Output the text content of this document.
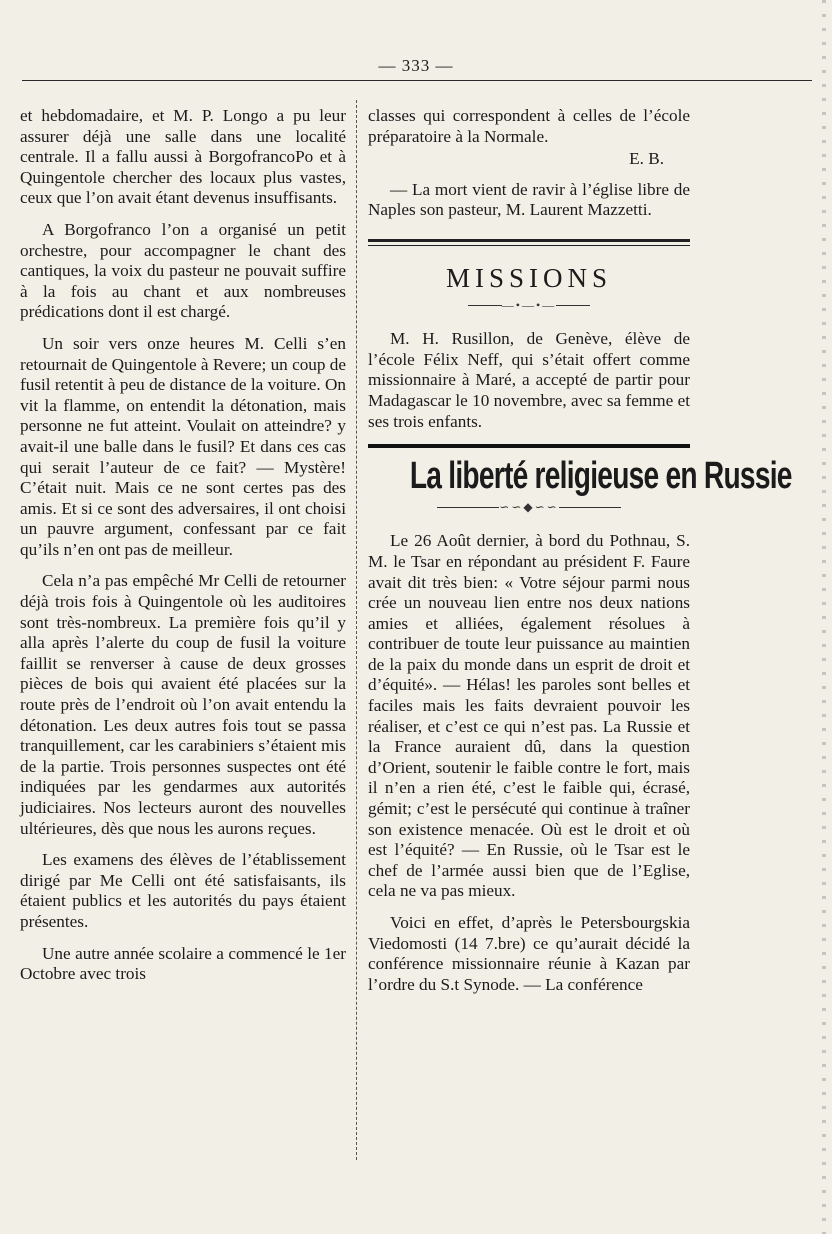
— 333 —

et hebdomadaire, et M. P. Longo a pu leur assurer déjà une salle dans une localité centrale. Il a fallu aussi à BorgofrancoPo et à Quingentole chercher des locaux plus vastes, ceux que l’on avait étant devenus insuffisants.

A Borgofranco l’on a organisé un petit orchestre, pour accompagner le chant des cantiques, la voix du pasteur ne pouvait suffire à la fois au chant et aux nombreuses prédications dont il est chargé.

Un soir vers onze heures M. Celli s’en retournait de Quingentole à Revere; un coup de fusil retentit à peu de distance de la voiture. On vit la flamme, on entendit la détonation, mais personne ne fut atteint. Voulait on atteindre? y avait-il une balle dans le fusil? Et dans ces cas qui serait l’auteur de ce fait? — Mystère! C’était nuit. Mais ce ne sont certes pas des amis. Et si ce sont des adversaires, il ont choisi un pauvre argument, confessant par ce fait qu’ils n’en ont pas de meilleur.

Cela n’a pas empêché Mr Celli de retourner déjà trois fois à Quingentole où les auditoires sont très-nombreux. La première fois qu’il y alla après l’alerte du coup de fusil la voiture faillit se renverser à cause de deux grosses pièces de bois qui avaient été placées sur la route près de l’endroit où l’on avait entendu la détonation. Les deux autres fois tout se passa tranquillement, car les carabiniers s’étaient mis de la partie. Trois personnes suspectes ont été indiquées par les gendarmes aux autorités judiciaires. Nos lecteurs auront des nouvelles ultérieures, dès que nous les aurons reçues.

Les examens des élèves de l’établissement dirigé par Me Celli ont été satisfaisants, ils étaient publics et les autorités du pays étaient présentes.

Une autre année scolaire a commencé le 1er Octobre avec trois

classes qui correspondent à celles de l’école préparatoire à la Normale.

E. B.

— La mort vient de ravir à l’église libre de Naples son pasteur, M. Laurent Mazzetti.

MISSIONS
—•—•—

M. H. Rusillon, de Genève, élève de l’école Félix Neff, qui s’était offert comme missionnaire à Maré, a accepté de partir pour Madagascar le 10 novembre, avec sa femme et ses trois enfants.

La liberté religieuse en Russie
∽∽◆∽∽

Le 26 Août dernier, à bord du Pothnau, S. M. le Tsar en répondant au président F. Faure avait dit très bien: « Votre séjour parmi nous crée un nouveau lien entre nos deux nations amies et alliées, également résolues à contribuer de toute leur puissance au maintien de la paix du monde dans un esprit de droit et d’équité». — Hélas! les paroles sont belles et faciles mais les faits devraient pouvoir les réaliser, et c’est ce qui n’est pas. La Russie et la France auraient dû, dans la question d’Orient, soutenir le faible contre le fort, mais il n’en a rien été, c’est le faible qui, écrasé, gémit; c’est le persécuté qui continue à traîner son existence menacée. Où est le droit et où est l’équité? — En Russie, où le Tsar est le chef de l’armée aussi bien que de l’Eglise, cela ne va pas mieux.

Voici en effet, d’après le Petersbourgskia Viedomosti (14 7.bre) ce qu’aurait décidé la conférence missionnaire réunie à Kazan par l’ordre du S.t Synode. — La conférence
